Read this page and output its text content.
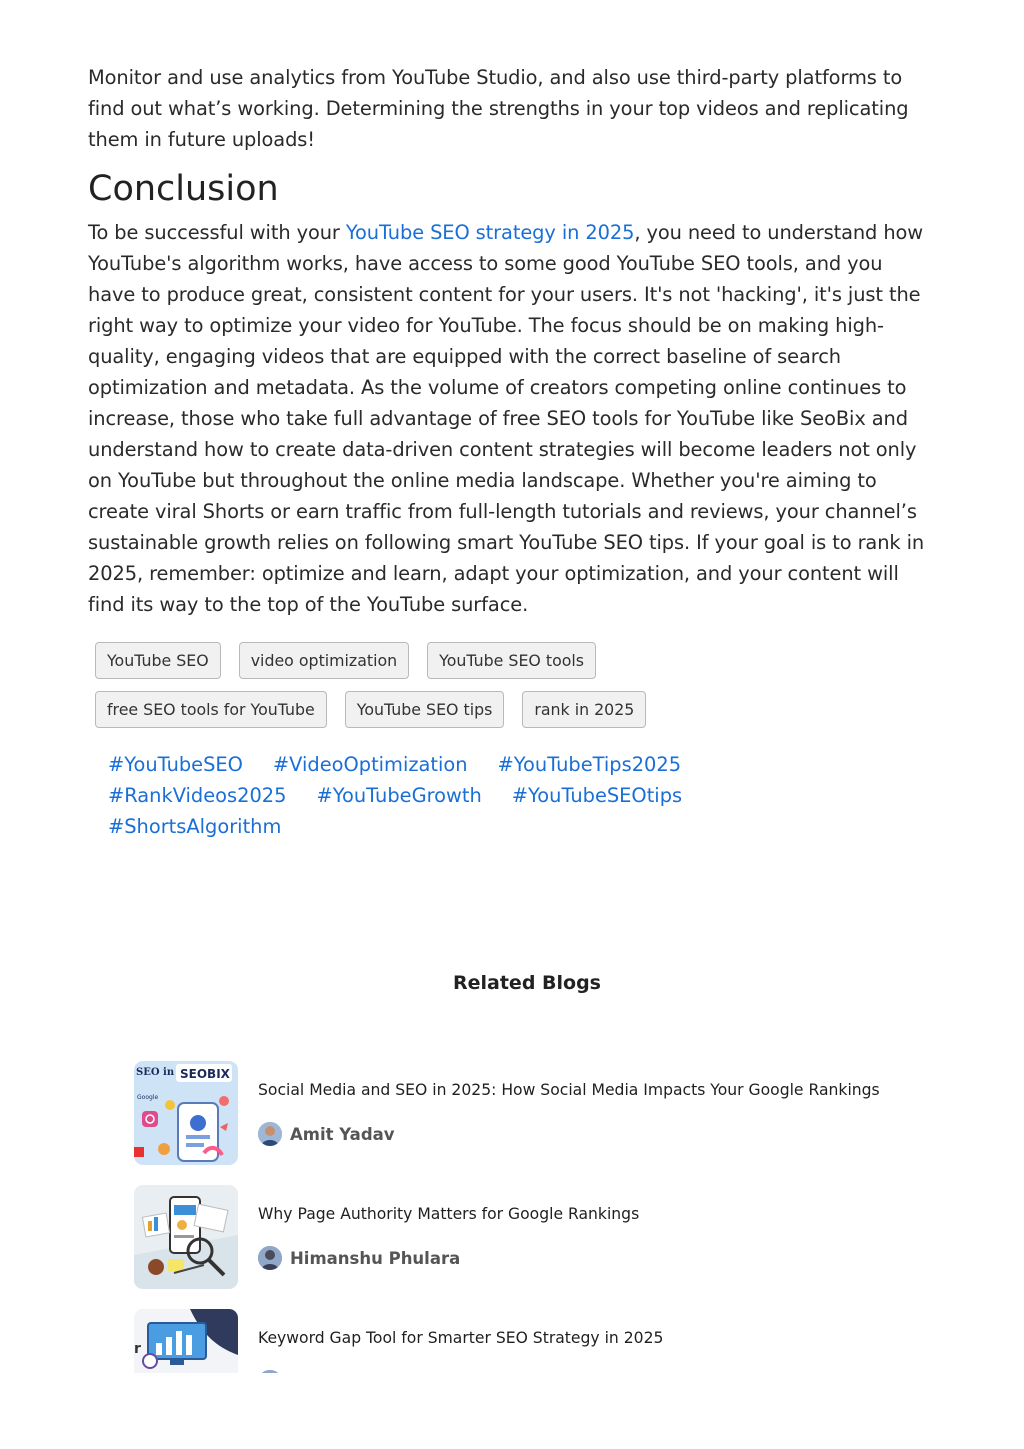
Monitor and use analytics from YouTube Studio, and also use third-party platforms to find out what’s working. Determining the strengths in your top videos and replicating them in future uploads!

Conclusion

To be successful with your YouTube SEO strategy in 2025, you need to understand how YouTube's algorithm works, have access to some good YouTube SEO tools, and you have to produce great, consistent content for your users. It's not 'hacking', it's just the right way to optimize your video for YouTube. The focus should be on making high-quality, engaging videos that are equipped with the correct baseline of search optimization and metadata. As the volume of creators competing online continues to increase, those who take full advantage of free SEO tools for YouTube like SeoBix and understand how to create data-driven content strategies will become leaders not only on YouTube but throughout the online media landscape. Whether you're aiming to create viral Shorts or earn traffic from full-length tutorials and reviews, your channel’s sustainable growth relies on following smart YouTube SEO tips. If your goal is to rank in 2025, remember: optimize and learn, adapt your optimization, and your content will find its way to the top of the YouTube surface.

YouTube SEO	video optimization	YouTube SEO tools
free SEO tools for YouTube	YouTube SEO tips	rank in 2025
#YouTubeSEO #VideoOptimization #YouTubeTips2025
#RankVideos2025 #YouTubeGrowth #YouTubeSEOtips
#ShortsAlgorithm
Related Blogs
SEO in SEOBIX
Google	Social Media and SEO in 2025: How Social Media Impacts Your Google Rankings
Amit Yadav
Why Page Authority Matters for Google Rankings
Himanshu Phulara
r
Keyword Gap Tool for Smarter SEO Strategy in 2025
